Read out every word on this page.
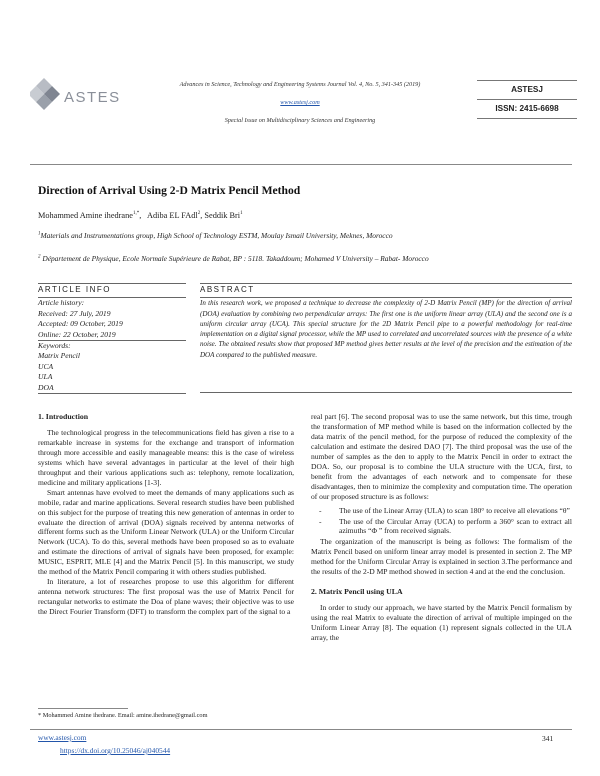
ASTES
Advances in Science, Technology and Engineering Systems Journal Vol. 4, No. 5, 341-345 (2019)
www.astesj.com
Special Issue on Multidisciplinary Sciences and Engineering
ASTESJ
ISSN: 2415-6698
Direction of Arrival Using 2-D Matrix Pencil Method
Mohammed Amine ihedrane$^{1,*}$,   Adiba EL FAdl$^2$, Seddik Bri$^1$
$^1$Materials and Instrumentations group, High School of Technology ESTM, Moulay Ismail University, Meknes, Morocco
$^2$ Département de Physique, Ecole Normale Supérieure de Rabat, BP : 5118. Takaddoum; Mohamed V University – Rabat- Morocco
ARTICLE INFO
Article history:
Received: 27 July, 2019
Accepted: 09 October, 2019
Online: 22 October, 2019
Keywords:
Matrix Pencil
UCA
ULA
DOA
ABSTRACT
In this research work, we proposed a technique to decrease the complexity of 2-D Matrix Pencil (MP) for the direction of arrival (DOA) evaluation by combining two perpendicular arrays: The first one is the uniform linear array (ULA) and the second one is a uniform circular array (UCA). This special structure for the 2D Matrix Pencil pipe to a powerful methodology for real-time implementation on a digital signal processor, while the MP used to correlated and uncorrelated sources with the presence of a white noise. The obtained results show that proposed MP method gives better results at the level of the precision and the estimation of the DOA compared to the published measure.
1. Introduction

The technological progress in the telecommunications field has given a rise to a remarkable increase in systems for the exchange and transport of information through more accessible and easily manageable means: this is the case of wireless systems which have several advantages in particular at the level of their high throughput and their various applications such as: telephony, remote localization, medicine and military applications [1-3].

Smart antennas have evolved to meet the demands of many applications such as mobile, radar and marine applications. Several research studies have been published on this subject for the purpose of treating this new generation of antennas in order to evaluate the direction of arrival (DOA) signals received by antenna networks of different forms such as the Uniform Linear Network (ULA) or the Uniform Circular Network (UCA). To do this, several methods have been proposed so as to evaluate and estimate the directions of arrival of signals have been proposed, for example: MUSIC, ESPRIT, MLE [4] and the Matrix Pencil [5]. In this manuscript, we study the method of the Matrix Pencil comparing it with others studies published.

In literature, a lot of researches propose to use this algorithm for different antenna network structures: The first proposal was the use of Matrix Pencil for rectangular networks to estimate the Doa of plane waves; their objective was to use the Direct Fourier Transform (DFT) to transform the complex part of the signal to a

real part [6]. The second proposal was to use the same network, but this time, trough the transformation of MP method while is based on the information collected by the data matrix of the pencil method, for the purpose of reduced the complexity of the calculation and estimate the desired DAO [7]. The third proposal was the use of the number of samples as the den to apply to the Matrix Pencil in order to extract the DOA. So, our proposal is to combine the ULA structure with the UCA, first, to benefit from the advantages of each network and to compensate for these disadvantages, then to minimize the complexity and computation time. The operation of our proposed structure is as follows:

- The use of the Linear Array (ULA) to scan 180° to receive all elevations “θ”
- The use of the Circular Array (UCA) to perform a 360° scan to extract all azimuths “Φ ” from received signals.

The organization of the manuscript is being as follows: The formalism of the Matrix Pencil based on uniform linear array model is presented in section 2. The MP method for the Uniform Circular Array is explained in section 3.The performance and the results of the 2-D MP method showed in section 4 and at the end the conclusion.

2. Matrix Pencil using ULA

In order to study our approach, we have started by the Matrix Pencil formalism by using the real Matrix to evaluate the direction of arrival of multiple impinged on the Uniform Linear Array [8]. The equation (1) represent signals collected in the ULA array, the

* Mohammed Amine ihedrane. Email: amine.ihedrane@gmail.com
www.astesj.com
https://dx.doi.org/10.25046/aj040544
341
